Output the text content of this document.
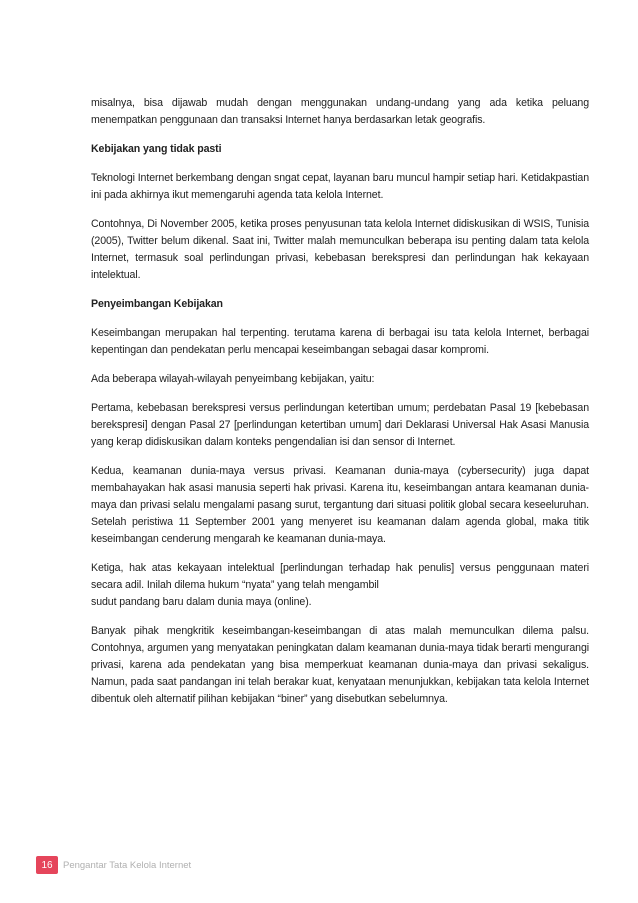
misalnya, bisa dijawab mudah dengan menggunakan undang-undang yang ada ketika peluang menempatkan penggunaan dan transaksi Internet hanya berdasarkan letak geografis.

Kebijakan yang tidak pasti

Teknologi Internet berkembang dengan sngat cepat, layanan baru muncul hampir setiap hari. Ketidakpastian ini pada akhirnya ikut memengaruhi agenda tata kelola Internet.

Contohnya, Di November 2005, ketika proses penyusunan tata kelola Internet didiskusikan di WSIS, Tunisia (2005), Twitter belum dikenal. Saat ini, Twitter malah memunculkan beberapa isu penting dalam tata kelola Internet, termasuk soal perlindungan privasi, kebebasan berekspresi dan perlindungan hak kekayaan intelektual.

Penyeimbangan Kebijakan

Keseimbangan merupakan hal terpenting. terutama karena di berbagai isu tata kelola Internet, berbagai kepentingan dan pendekatan perlu mencapai keseimbangan sebagai dasar kompromi.

Ada beberapa wilayah-wilayah penyeimbang kebijakan, yaitu:

Pertama, kebebasan berekspresi versus perlindungan ketertiban umum; perdebatan Pasal 19 [kebebasan berekspresi] dengan Pasal 27 [perlindungan ketertiban umum] dari Deklarasi Universal Hak Asasi Manusia yang kerap didiskusikan dalam konteks pengendalian isi dan sensor di Internet.

Kedua, keamanan dunia-maya versus privasi. Keamanan dunia-maya (cybersecurity) juga dapat membahayakan hak asasi manusia seperti hak privasi. Karena itu, keseimbangan antara keamanan dunia-maya dan privasi selalu mengalami pasang surut, tergantung dari situasi politik global secara keseeluruhan. Setelah peristiwa 11 September 2001 yang menyeret isu keamanan dalam agenda global, maka titik keseimbangan cenderung mengarah ke keamanan dunia-maya.

Ketiga, hak atas kekayaan intelektual [perlindungan terhadap hak penulis] versus penggunaan materi secara adil. Inilah dilema hukum “nyata” yang telah mengambil
sudut pandang baru dalam dunia maya (online).

Banyak pihak mengkritik keseimbangan-keseimbangan di atas malah memunculkan dilema palsu. Contohnya, argumen yang menyatakan peningkatan dalam keamanan dunia-maya tidak berarti mengurangi privasi, karena ada pendekatan yang bisa memperkuat keamanan dunia-maya dan privasi sekaligus. Namun, pada saat pandangan ini telah berakar kuat, kenyataan menunjukkan, kebijakan tata kelola Internet dibentuk oleh alternatif pilihan kebijakan “biner” yang disebutkan sebelumnya.

16	Pengantar Tata Kelola Internet
